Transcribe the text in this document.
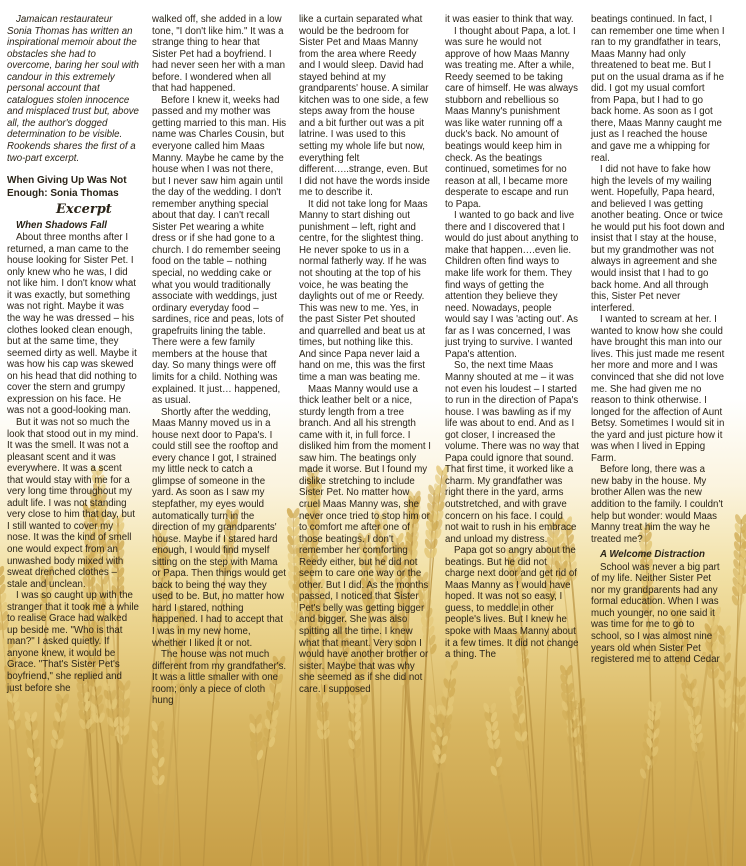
Jamaican restaurateur Sonia Thomas has written an inspirational memoir about the obstacles she had to overcome, baring her soul with candour in this extremely personal account that catalogues stolen innocence and misplaced trust but, above all, the author's dogged determination to be visible. Rookends shares the first of a two-part excerpt.

When Giving Up Was Not Enough: Sonia Thomas
Excerpt
When Shadows Fall

About three months after I returned, a man came to the house looking for Sister Pet. I only knew who he was, I did not like him. I don't know what it was exactly, but something was not right. Maybe it was the way he was dressed – his clothes looked clean enough, but at the same time, they seemed dirty as well. Maybe it was how his cap was skewed on his head that did nothing to cover the stern and grumpy expression on his face. He was not a good-looking man.

But it was not so much the look that stood out in my mind. It was the smell. It was not a pleasant scent and it was everywhere. It was a scent that would stay with me for a very long time throughout my adult life. I was not standing very close to him that day, but I still wanted to cover my nose. It was the kind of smell one would expect from an unwashed body mixed with sweat drenched clothes – stale and unclean.

I was so caught up with the stranger that it took me a while to realise Grace had walked up beside me. "Who is that man?" I asked quietly. If anyone knew, it would be Grace. "That's Sister Pet's boyfriend," she replied and just before she

walked off, she added in a low tone, "I don't like him." It was a strange thing to hear that Sister Pet had a boyfriend. I had never seen her with a man before. I wondered when all that had happened.

Before I knew it, weeks had passed and my mother was getting married to this man. His name was Charles Cousin, but everyone called him Maas Manny. Maybe he came by the house when I was not there, but I never saw him again until the day of the wedding. I don't remember anything special about that day. I can't recall Sister Pet wearing a white dress or if she had gone to a church. I do remember seeing food on the table – nothing special, no wedding cake or what you would traditionally associate with weddings, just ordinary everyday food – sardines, rice and peas, lots of grapefruits lining the table. There were a few family members at the house that day. So many things were off limits for a child. Nothing was explained. It just… happened, as usual.

Shortly after the wedding, Maas Manny moved us in a house next door to Papa's. I could still see the rooftop and every chance I got, I strained my little neck to catch a glimpse of someone in the yard. As soon as I saw my stepfather, my eyes would automatically turn in the direction of my grandparents' house. Maybe if I stared hard enough, I would find myself sitting on the step with Mama or Papa. Then things would get back to being the way they used to be. But, no matter how hard I stared, nothing happened. I had to accept that I was in my new home, whether I liked it or not.

The house was not much different from my grandfather's. It was a little smaller with one room; only a piece of cloth hung

like a curtain separated what would be the bedroom for Sister Pet and Maas Manny from the area where Reedy and I would sleep. David had stayed behind at my grandparents' house. A similar kitchen was to one side, a few steps away from the house and a bit further out was a pit latrine. I was used to this setting my whole life but now, everything felt different…..strange, even. But I did not have the words inside me to describe it.

It did not take long for Maas Manny to start dishing out punishment – left, right and centre, for the slightest thing. He never spoke to us in a normal fatherly way. If he was not shouting at the top of his voice, he was beating the daylights out of me or Reedy. This was new to me. Yes, in the past Sister Pet shouted and quarrelled and beat us at times, but nothing like this. And since Papa never laid a hand on me, this was the first time a man was beating me.

Maas Manny would use a thick leather belt or a nice, sturdy length from a tree branch. And all his strength came with it, in full force. I disliked him from the moment I saw him. The beatings only made it worse. But I found my dislike stretching to include Sister Pet. No matter how cruel Maas Manny was, she never once tried to stop him or to comfort me after one of those beatings. I don't remember her comforting Reedy either, but he did not seem to care one way or the other. But I did. As the months passed, I noticed that Sister Pet's belly was getting bigger and bigger. She was also spitting all the time. I knew what that meant. Very soon I would have another brother or sister. Maybe that was why she seemed as if she did not care. I supposed

it was easier to think that way.

I thought about Papa, a lot. I was sure he would not approve of how Maas Manny was treating me. After a while, Reedy seemed to be taking care of himself. He was always stubborn and rebellious so Maas Manny's punishment was like water running off a duck's back. No amount of beatings would keep him in check. As the beatings continued, sometimes for no reason at all, I became more desperate to escape and run to Papa.

I wanted to go back and live there and I discovered that I would do just about anything to make that happen….even lie. Children often find ways to make life work for them. They find ways of getting the attention they believe they need. Nowadays, people would say I was 'acting out'. As far as I was concerned, I was just trying to survive. I wanted Papa's attention.

So, the next time Maas Manny shouted at me – it was not even his loudest – I started to run in the direction of Papa's house. I was bawling as if my life was about to end. And as I got closer, I increased the volume. There was no way that Papa could ignore that sound. That first time, it worked like a charm. My grandfather was right there in the yard, arms outstretched, and with grave concern on his face. I could not wait to rush in his embrace and unload my distress.

Papa got so angry about the beatings. But he did not charge next door and get rid of Maas Manny as I would have hoped. It was not so easy, I guess, to meddle in other people's lives. But I knew he spoke with Maas Manny about it a few times. It did not change a thing. The

beatings continued. In fact, I can remember one time when I ran to my grandfather in tears, Maas Manny had only threatened to beat me. But I put on the usual drama as if he did. I got my usual comfort from Papa, but I had to go back home. As soon as I got there, Maas Manny caught me just as I reached the house and gave me a whipping for real.

I did not have to fake how high the levels of my wailing went. Hopefully, Papa heard, and believed I was getting another beating. Once or twice he would put his foot down and insist that I stay at the house, but my grandmother was not always in agreement and she would insist that I had to go back home. And all through this, Sister Pet never interfered.

I wanted to scream at her. I wanted to know how she could have brought this man into our lives. This just made me resent her more and more and I was convinced that she did not love me. She had given me no reason to think otherwise. I longed for the affection of Aunt Betsy. Sometimes I would sit in the yard and just picture how it was when I lived in Epping Farm.

Before long, there was a new baby in the house. My brother Allen was the new addition to the family. I couldn't help but wonder: would Maas Manny treat him the way he treated me?

A Welcome Distraction

School was never a big part of my life. Neither Sister Pet nor my grandparents had any formal education. When I was much younger, no one said it was time for me to go to school, so I was almost nine years old when Sister Pet registered me to attend Cedar
